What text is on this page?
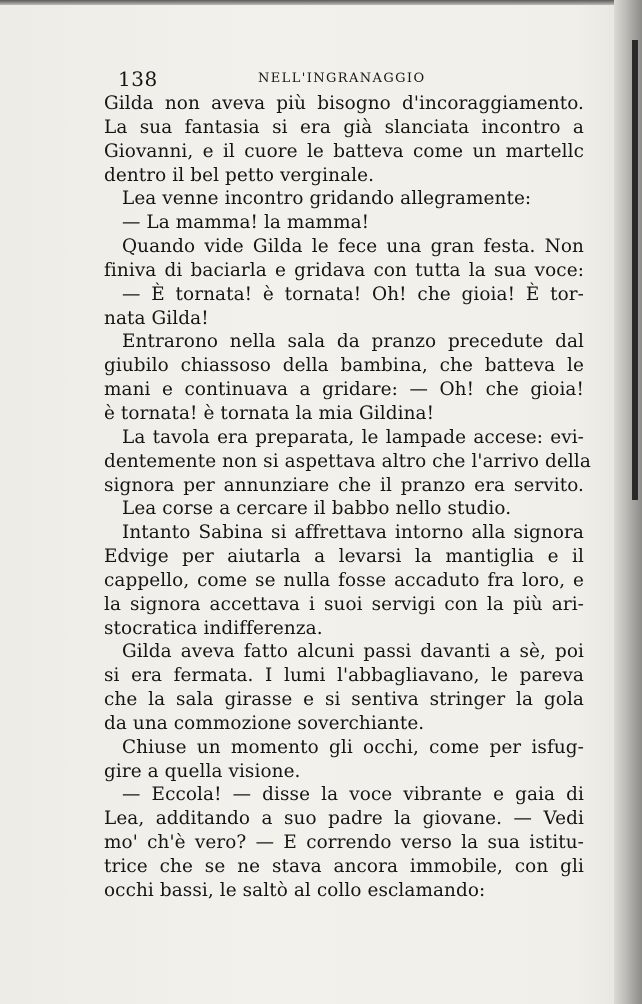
138	NELL'INGRANAGGIO
Gilda non aveva più bisogno d'incoraggiamento.
La sua fantasia si era già slanciata incontro a
Giovanni, e il cuore le batteva come un martellc
dentro il bel petto verginale.
Lea venne incontro gridando allegramente:
— La mamma! la mamma!
Quando vide Gilda le fece una gran festa. Non
finiva di baciarla e gridava con tutta la sua voce:
— È tornata! è tornata! Oh! che gioia! È tor-
nata Gilda!
Entrarono nella sala da pranzo precedute dal
giubilo chiassoso della bambina, che batteva le
mani e continuava a gridare: — Oh! che gioia!
è tornata! è tornata la mia Gildina!
La tavola era preparata, le lampade accese: evi-
dentemente non si aspettava altro che l'arrivo della
signora per annunziare che il pranzo era servito.
Lea corse a cercare il babbo nello studio.
Intanto Sabina si affrettava intorno alla signora
Edvige per aiutarla a levarsi la mantiglia e il
cappello, come se nulla fosse accaduto fra loro, e
la signora accettava i suoi servigi con la più ari-
stocratica indifferenza.
Gilda aveva fatto alcuni passi davanti a sè, poi
si era fermata. I lumi l'abbagliavano, le pareva
che la sala girasse e si sentiva stringer la gola
da una commozione soverchiante.
Chiuse un momento gli occhi, come per isfug-
gire a quella visione.
— Eccola! — disse la voce vibrante e gaia di
Lea, additando a suo padre la giovane. — Vedi
mo' ch'è vero? — E correndo verso la sua istitu-
trice che se ne stava ancora immobile, con gli
occhi bassi, le saltò al collo esclamando:
